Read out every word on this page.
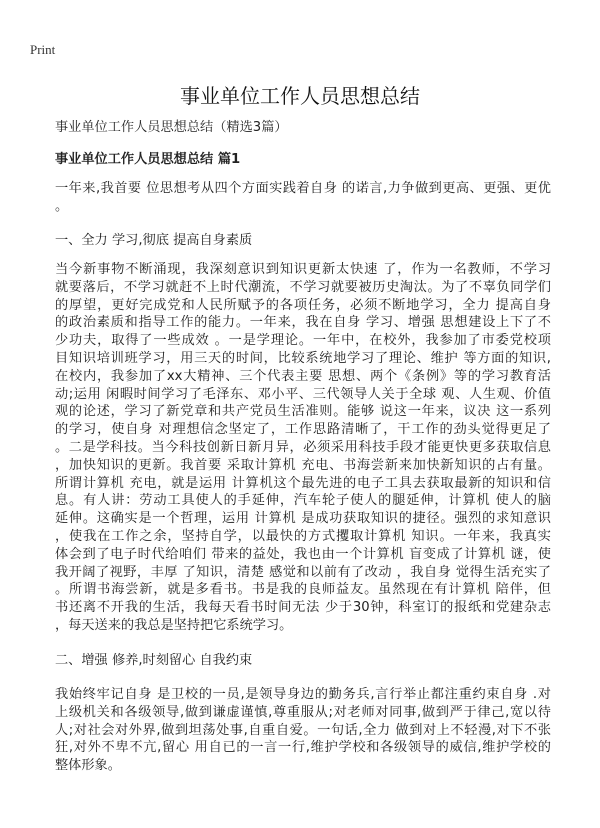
Print
事业单位工作人员思想总结
事业单位工作人员思想总结（精选3篇）
事业单位工作人员思想总结 篇1
一年来,我首要 位思想考从四个方面实践着自身 的诺言,力争做到更高、更强、更优
。
一、全力 学习,彻底 提高自身素质
当今新事物不断涌现，我深刻意识到知识更新太快速 了，作为一名教师，不学习
就要落后，不学习就赶不上时代潮流，不学习就要被历史淘汰。为了不辜负同学们
的厚望，更好完成党和人民所赋予的各项任务，必须不断地学习，全力 提高自身
的政治素质和指导工作的能力。一年来，我在自身 学习、增强 思想建设上下了不
少功夫，取得了一些成效 。一是学理论。一年中，在校外，我参加了市委党校项
目知识培训班学习，用三天的时间，比较系统地学习了理论、维护 等方面的知识,
在校内，我参加了xx大精神、三个代表主要 思想、两个《条例》等的学习教育活
动;运用 闲暇时间学习了毛泽东、邓小平、三代领导人关于全球 观、人生观、价值
观的论述，学习了新党章和共产党员生活准则。能够 说这一年来，议决 这一系列
的学习，使自身 对理想信念坚定了，工作思路清晰了，干工作的劲头觉得更足了
。二是学科技。当今科技创新日新月异，必须采用科技手段才能更快更多获取信息
，加快知识的更新。我首要 采取计算机 充电、书海尝新来加快新知识的占有量。
所谓计算机 充电，就是运用 计算机这个最先进的电子工具去获取最新的知识和信
息。有人讲：劳动工具使人的手延伸，汽车轮子使人的腿延伸，计算机 使人的脑
延伸。这确实是一个哲理，运用 计算机 是成功获取知识的捷径。强烈的求知意识
，使我在工作之余，坚持自学，以最快的方式攫取计算机 知识。一年来，我真实
体会到了电子时代给咱们 带来的益处，我也由一个计算机 盲变成了计算机 谜，使
我开阔了视野，丰厚 了知识，清楚 感觉和以前有了改动 ，我自身 觉得生活充实了
。所谓书海尝新，就是多看书。书是我的良师益友。虽然现在有计算机 陪伴，但
书还离不开我的生活，我每天看书时间无法 少于30钟，科室订的报纸和党建杂志
，每天送来的我总是坚持把它系统学习。
二、增强 修养,时刻留心 自我约束
我始终牢记自身 是卫校的一员,是领导身边的勤务兵,言行举止都注重约束自身 .对
上级机关和各级领导,做到谦虚谨慎,尊重服从;对老师对同事,做到严于律己,宽以待
人;对社会对外界,做到坦荡处事,自重自爱。一句话,全力 做到对上不轻漫,对下不张
狂,对外不卑不亢,留心 用自已的一言一行,维护学校和各级领导的威信,维护学校的
整体形象。
